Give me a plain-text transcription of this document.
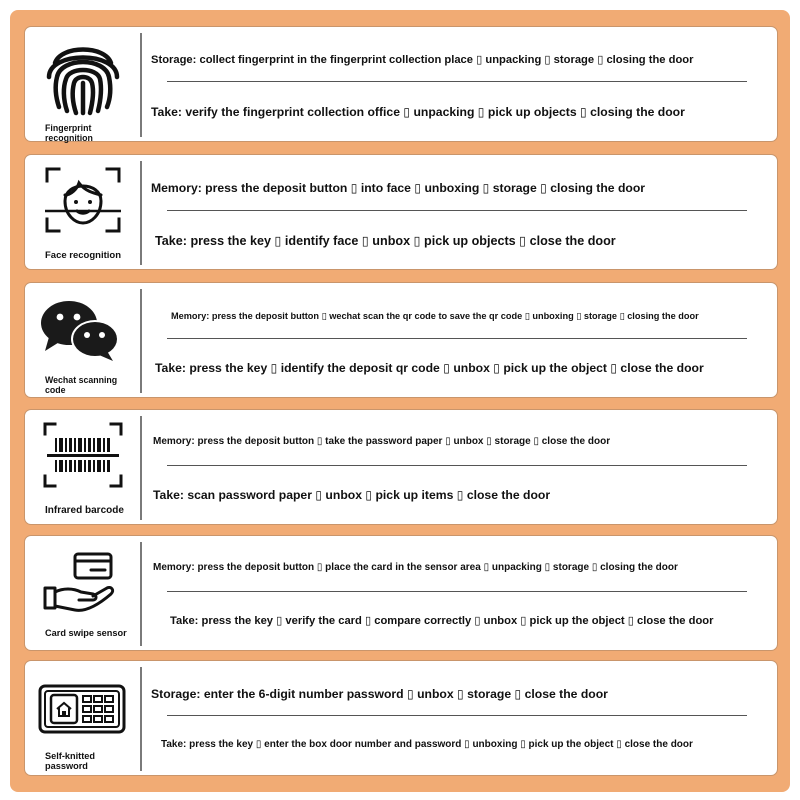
Fingerprint recognition
Storage: collect fingerprint in the fingerprint collection place ▯ unpacking ▯ storage ▯ closing the door
Take: verify the fingerprint collection office ▯ unpacking ▯ pick up objects ▯ closing the door
Face recognition
Memory: press the deposit button ▯ into face ▯ unboxing ▯ storage ▯ closing the door
Take: press the key ▯ identify face ▯ unbox ▯ pick up objects ▯ close the door
Wechat scanning code
Memory: press the deposit button ▯ wechat scan the qr code to save the qr code ▯ unboxing ▯ storage ▯ closing the door
Take: press the key ▯ identify the deposit qr code ▯ unbox ▯ pick up the object ▯ close the door
Infrared barcode
Memory: press the deposit button ▯ take the password paper ▯ unbox ▯ storage ▯ close the door
Take: scan password paper ▯ unbox ▯ pick up items ▯ close the door
Card swipe sensor
Memory: press the deposit button ▯ place the card in the sensor area ▯ unpacking ▯ storage ▯ closing the door
Take: press the key ▯ verify the card ▯ compare correctly ▯ unbox ▯ pick up the object ▯ close the door
Self-knitted password
Storage: enter the 6-digit number password ▯ unbox ▯ storage ▯ close the door
Take: press the key ▯ enter the box door number and password ▯ unboxing ▯ pick up the object ▯ close the door
